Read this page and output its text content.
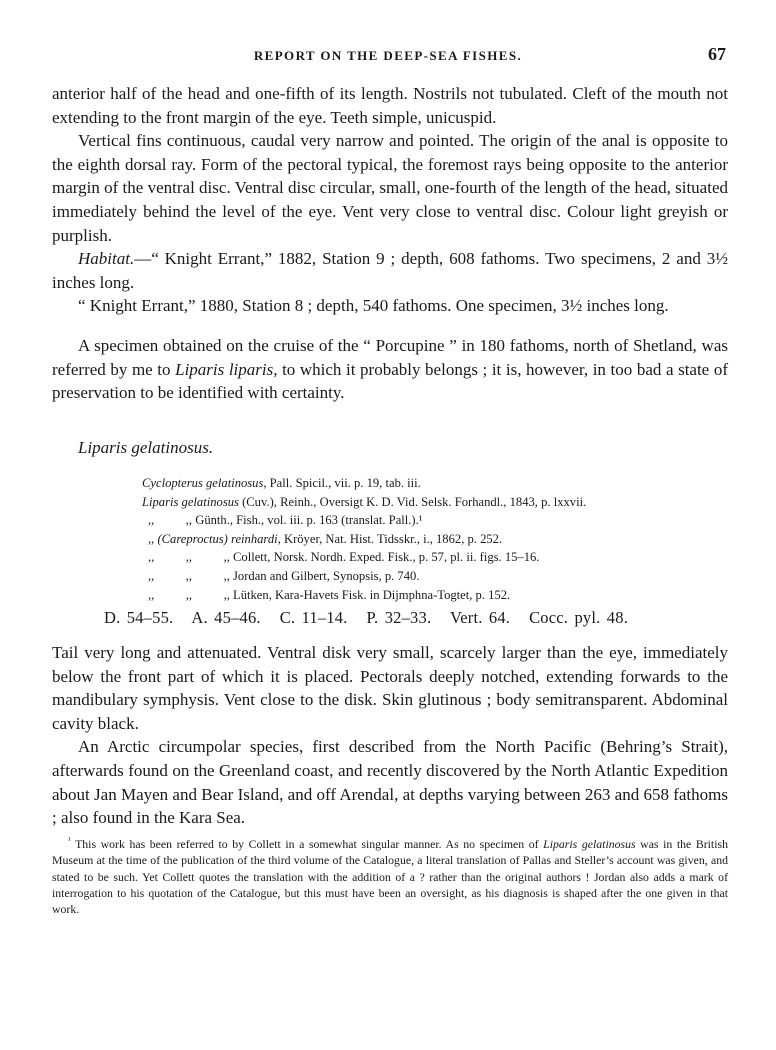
REPORT ON THE DEEP-SEA FISHES.	67

anterior half of the head and one-fifth of its length. Nostrils not tubulated. Cleft of the mouth not extending to the front margin of the eye. Teeth simple, unicuspid.

Vertical fins continuous, caudal very narrow and pointed. The origin of the anal is opposite to the eighth dorsal ray. Form of the pectoral typical, the foremost rays being opposite to the anterior margin of the ventral disc. Ventral disc circular, small, one-fourth of the length of the head, situated immediately behind the level of the eye. Vent very close to ventral disc. Colour light greyish or purplish.

Habitat.—“ Knight Errant,” 1882, Station 9 ; depth, 608 fathoms. Two specimens, 2 and 3½ inches long.

“ Knight Errant,” 1880, Station 8 ; depth, 540 fathoms. One specimen, 3½ inches long.

A specimen obtained on the cruise of the “ Porcupine ” in 180 fathoms, north of Shetland, was referred by me to Liparis liparis, to which it probably belongs ; it is, however, in too bad a state of preservation to be identified with certainty.

Liparis gelatinosus.
Cyclopterus gelatinosus, Pall. Spicil., vii. p. 19, tab. iii.
Liparis gelatinosus (Cuv.), Reinh., Oversigt K. D. Vid. Selsk. Forhandl., 1843, p. lxxvii.
,,          ,, Günth., Fish., vol. iii. p. 163 (translat. Pall.).¹
,, (Careproctus) reinhardi, Kröyer, Nat. Hist. Tidsskr., i., 1862, p. 252.
,,          ,,          ,, Collett, Norsk. Nordh. Exped. Fisk., p. 57, pl. ii. figs. 15–16.
,,          ,,          ,, Jordan and Gilbert, Synopsis, p. 740.
,,          ,,          ,, Lütken, Kara-Havets Fisk. in Dijmphna-Togtet, p. 152.
D. 54–55.   A. 45–46.   C. 11–14.   P. 32–33.   Vert. 64.   Cocc. pyl. 48.

Tail very long and attenuated. Ventral disk very small, scarcely larger than the eye, immediately below the front part of which it is placed. Pectorals deeply notched, extending forwards to the mandibulary symphysis. Vent close to the disk. Skin glutinous ; body semitransparent. Abdominal cavity black.

An Arctic circumpolar species, first described from the North Pacific (Behring’s Strait), afterwards found on the Greenland coast, and recently discovered by the North Atlantic Expedition about Jan Mayen and Bear Island, and off Arendal, at depths varying between 263 and 658 fathoms ; also found in the Kara Sea.

$^{^1}$ This work has been referred to by Collett in a somewhat singular manner. As no specimen of Liparis gelatinosus was in the British Museum at the time of the publication of the third volume of the Catalogue, a literal translation of Pallas and Steller’s account was given, and stated to be such. Yet Collett quotes the translation with the addition of a ? rather than the original authors ! Jordan also adds a mark of interrogation to his quotation of the Catalogue, but this must have been an oversight, as his diagnosis is shaped after the one given in that work.
